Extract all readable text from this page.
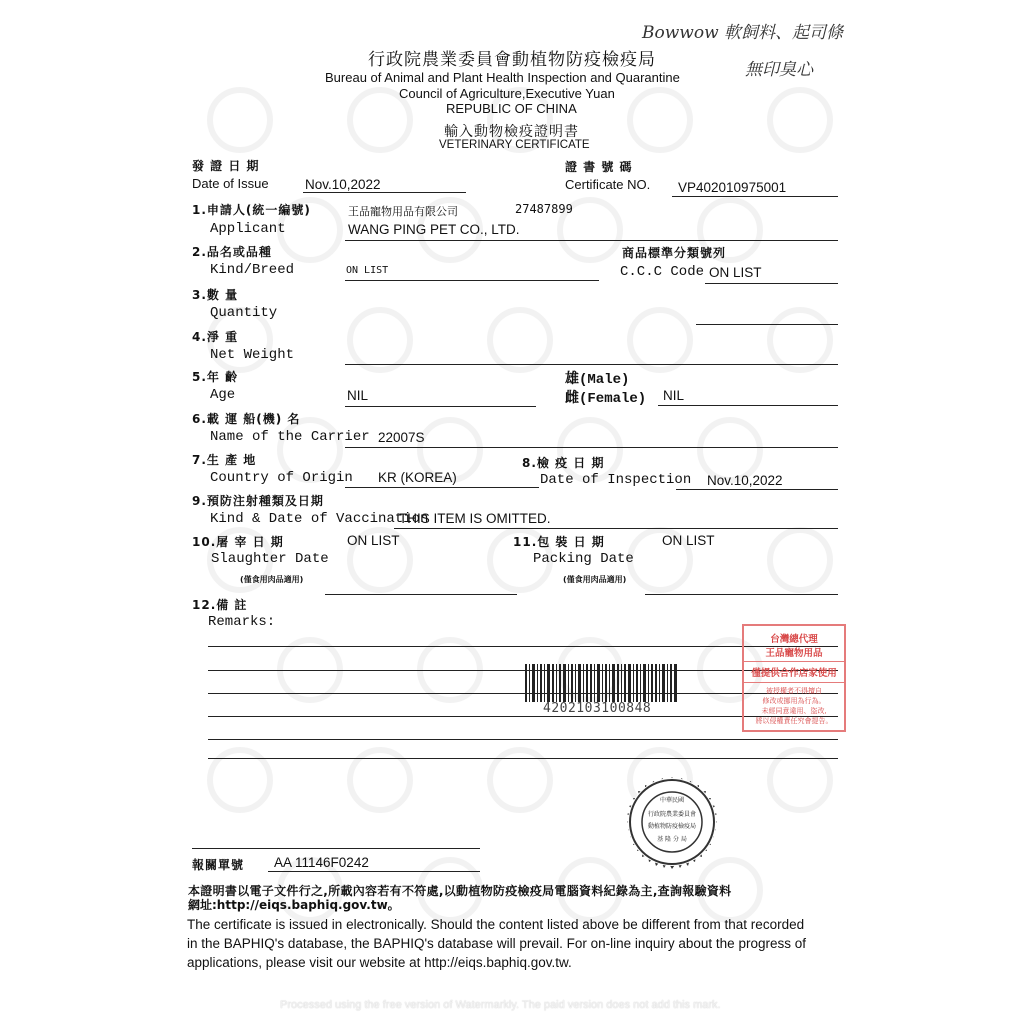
Bowwow 軟飼料、起司條
無印臭心
行政院農業委員會動植物防疫檢疫局
Bureau of Animal and Plant Health Inspection and Quarantine
Council of Agriculture,Executive Yuan
REPUBLIC OF CHINA
輸入動物檢疫證明書
VETERINARY CERTIFICATE
發 證 日 期
Date of Issue	Nov.10,2022
證 書 號 碼
Certificate NO. VP402010975001
1.申請人(統一編號)
Applicant
王品寵物用品有限公司	27487899
WANG PING PET CO., LTD.
2.品名或品種
Kind/Breed	ON LIST
商品標準分類號列
C.C.C Code ON LIST
3.數 量
Quantity
4.淨 重
Net Weight
5.年 齡
Age	NIL
雄(Male)
雌(Female) NIL
6.載 運 船(機) 名
Name of the Carrier 22007S
7.生 產 地
Country of Origin KR (KOREA)
8.檢 疫 日 期
Date of Inspection Nov.10,2022
9.預防注射種類及日期
Kind & Date of Vaccination
THIS ITEM IS OMITTED.
10.屠 宰 日 期
Slaughter Date
ON LIST
(僅食用肉品適用)
11.包 裝 日 期
Packing Date
ON LIST
(僅食用肉品適用)
12.備 註
Remarks:
4202103100848
台灣總代理
王品寵物用品
僅提供合作店家使用
被授權者不得擅自
修改或挪用為行為。
未經同意違用、盜改,
將以侵權責任究會提告。
中華民國
行政院農業委員會
動植物防疫檢疫局
基 隆 分 局
報關單號 AA 11146F0242
本證明書以電子文件行之,所載內容若有不符處,以動植物防疫檢疫局電腦資料紀錄為主,查詢報驗資料
網址:http://eiqs.baphiq.gov.tw。
The certificate is issued in electronically. Should the content listed above be different from that recorded
in the BAPHIQ's database, the BAPHIQ's database will prevail. For on-line inquiry about the progress of
applications, please visit our website at http://eiqs.baphiq.gov.tw.
Processed using the free version of Watermarkly. The paid version does not add this mark.
